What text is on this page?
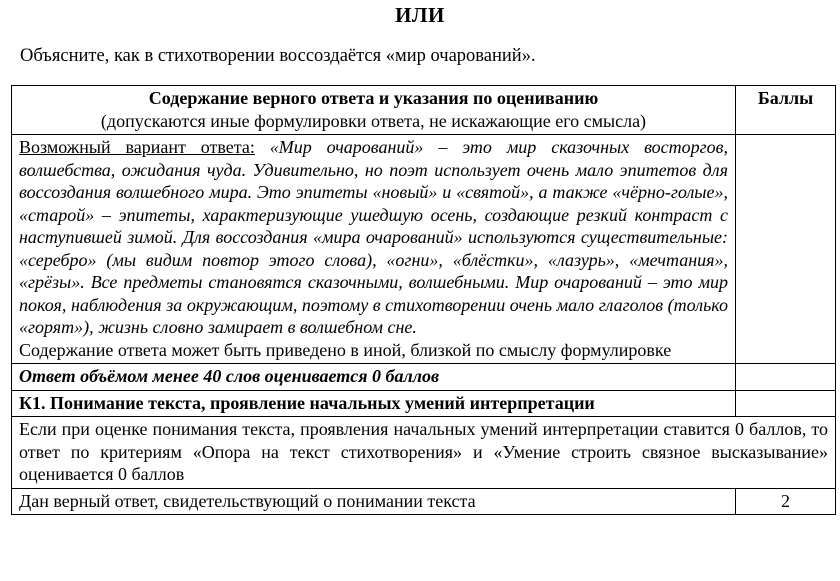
ИЛИ
Объясните, как в стихотворении воссоздаётся «мир очарований».
Содержание верного ответа и указания по оцениванию
(допускаются иные формулировки ответа, не искажающие его смысла)	Баллы
Возможный вариант ответа: «Мир очарований» – это мир сказочных восторгов, волшебства, ожидания чуда. Удивительно, но поэт использует очень мало эпитетов для воссоздания волшебного мира. Это эпитеты «новый» и «святой», а также «чёрно-голые», «старой» – эпитеты, характеризующие ушедшую осень, создающие резкий контраст с наступившей зимой. Для воссоздания «мира очарований» используются существительные: «серебро» (мы видим повтор этого слова), «огни», «блёстки», «лазурь», «мечтания», «грёзы». Все предметы становятся сказочными, волшебными. Мир очарований – это мир покоя, наблюдения за окружающим, поэтому в стихотворении очень мало глаголов (только «горят»), жизнь словно замирает в волшебном сне.
Содержание ответа может быть приведено в иной, близкой по смыслу формулировке	

Ответ объёмом менее 40 слов оценивается 0 баллов	
К1. Понимание текста, проявление начальных умений интерпретации	
Если при оценке понимания текста, проявления начальных умений интерпретации ставится 0 баллов, то ответ по критериям «Опора на текст стихотворения» и «Умение строить связное высказывание» оценивается 0 баллов	
Дан верный ответ, свидетельствующий о понимании текста	2
